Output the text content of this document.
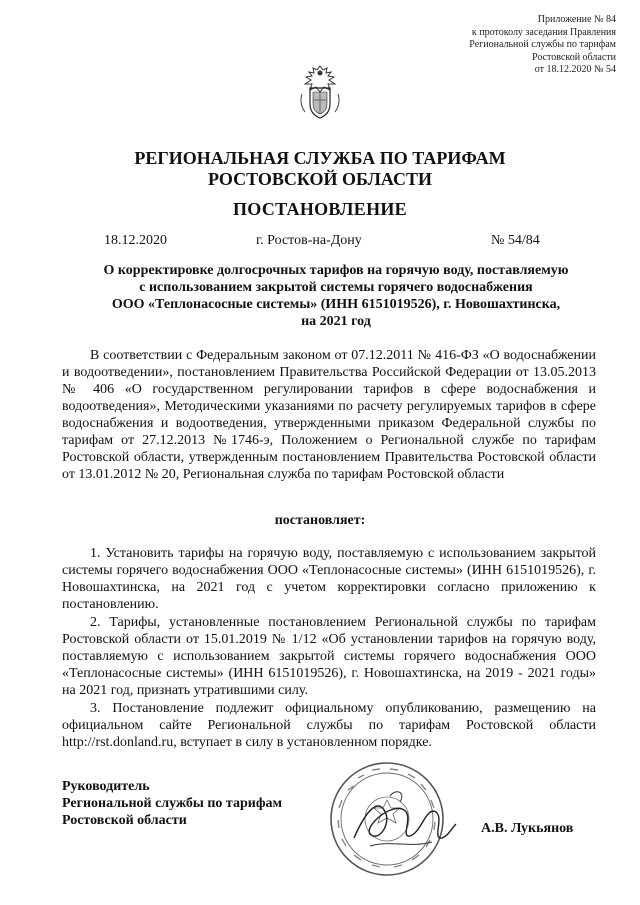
Приложение № 84
к протоколу заседания Правления
Региональной службы по тарифам
Ростовской области
от 18.12.2020 № 54
РЕГИОНАЛЬНАЯ СЛУЖБА ПО ТАРИФАМ
РОСТОВСКОЙ ОБЛАСТИ
ПОСТАНОВЛЕНИЕ
18.12.2020	г. Ростов-на-Дону	№ 54/84
О корректировке долгосрочных тарифов на горячую воду, поставляемую
с использованием закрытой системы горячего водоснабжения
ООО «Теплонасосные системы» (ИНН 6151019526), г. Новошахтинска,
на 2021 год
В соответствии с Федеральным законом от 07.12.2011 № 416-ФЗ «О водоснабжении и водоотведении», постановлением Правительства Российской Федерации от 13.05.2013 № 406 «О государственном регулировании тарифов в сфере водоснабжения и водоотведения», Методическими указаниями по расчету регулируемых тарифов в сфере водоснабжения и водоотведения, утвержденными приказом Федеральной службы по тарифам от 27.12.2013 №1746-э, Положением о Региональной службе по тарифам Ростовской области, утвержденным постановлением Правительства Ростовской области от 13.01.2012 № 20, Региональная служба по тарифам Ростовской области
постановляет:

1. Установить тарифы на горячую воду, поставляемую с использованием закрытой системы горячего водоснабжения ООО «Теплонасосные системы» (ИНН 6151019526), г. Новошахтинска, на 2021 год с учетом корректировки согласно приложению к постановлению.

2. Тарифы, установленные постановлением Региональной службы по тарифам Ростовской области от 15.01.2019 № 1/12 «Об установлении тарифов на горячую воду, поставляемую с использованием закрытой системы горячего водоснабжения ООО «Теплонасосные системы» (ИНН 6151019526), г. Новошахтинска, на 2019 - 2021 годы» на 2021 год, признать утратившими силу.

3. Постановление подлежит официальному опубликованию, размещению на официальном сайте Региональной службы по тарифам Ростовской области http://rst.donland.ru, вступает в силу в установленном порядке.

Руководитель
Региональной службы по тарифам
Ростовской области
А.В. Лукьянов
